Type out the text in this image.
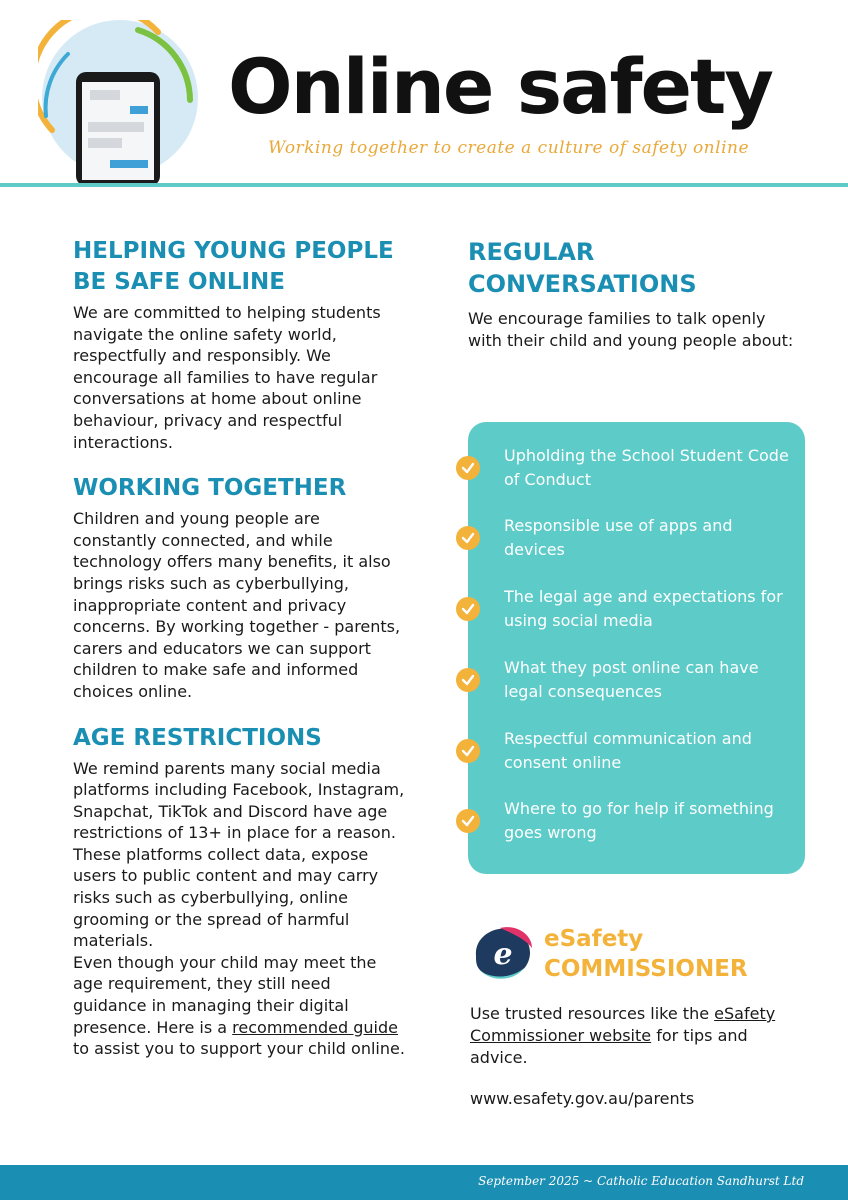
Online safety

Working together to create a culture of safety online

HELPING YOUNG PEOPLE BE SAFE ONLINE

We are committed to helping students navigate the online safety world, respectfully and responsibly. We encourage all families to have regular conversations at home about online behaviour, privacy and respectful interactions.

WORKING TOGETHER

Children and young people are constantly connected, and while technology offers many benefits, it also brings risks such as cyberbullying, inappropriate content and privacy concerns. By working together - parents, carers and educators we can support children to make safe and informed choices online.

AGE RESTRICTIONS

We remind parents many social media platforms including Facebook, Instagram, Snapchat, TikTok and Discord have age restrictions of 13+ in place for a reason. These platforms collect data, expose users to public content and may carry risks such as cyberbullying, online grooming or the spread of harmful materials.

Even though your child may meet the age requirement, they still need guidance in managing their digital presence. Here is a recommended guide to assist you to support your child online.

REGULAR CONVERSATIONS

We encourage families to talk openly with their child and young people about:

Upholding the School Student Code of Conduct
Responsible use of apps and devices
The legal age and expectations for using social media
What they post online can have legal consequences
Respectful communication and consent online
Where to go for help if something goes wrong
e eSafety
COMMISSIONER
Use trusted resources like the eSafety Commissioner website for tips and advice.
www.esafety.gov.au/parents
September 2025 ~ Catholic Education Sandhurst Ltd
